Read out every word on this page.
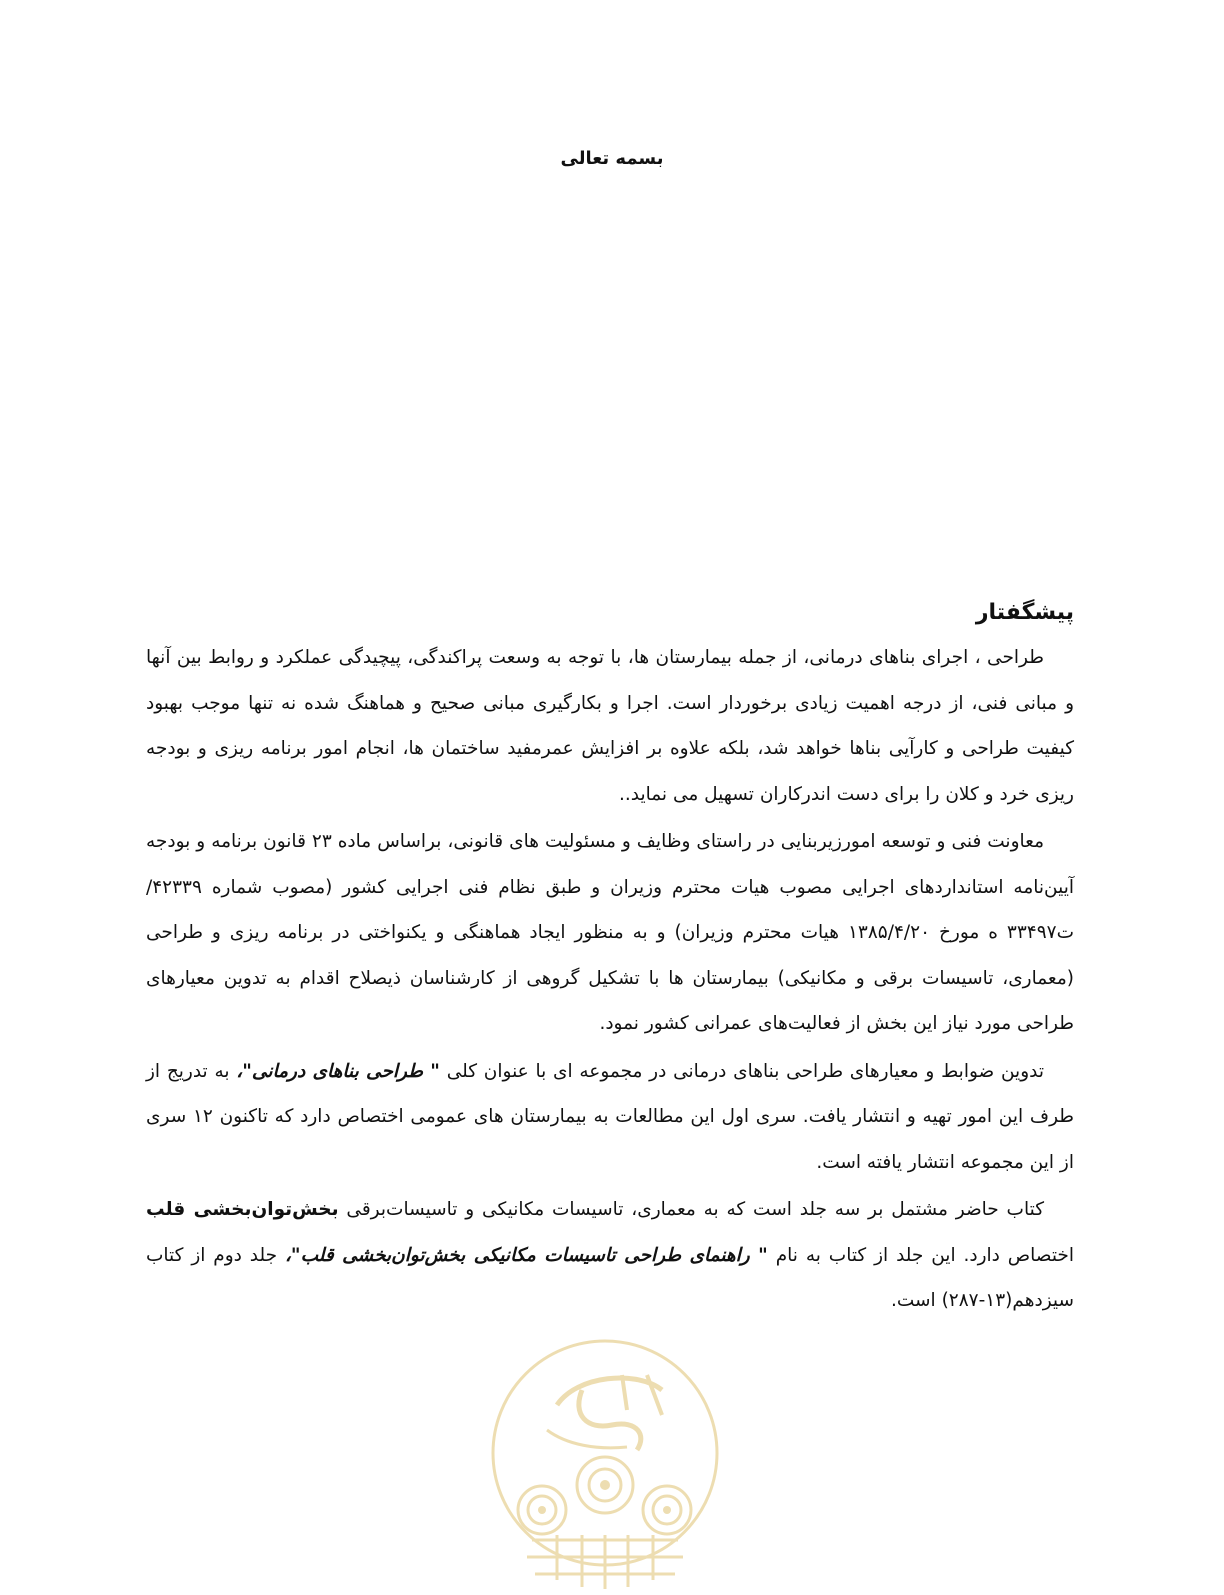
بسمه تعالی
پیشگفتار

طراحی ، اجرای بناهای درمانی، از جمله بیمارستان ها، با توجه به وسعت پراکندگی، پیچیدگی عملکرد و روابط بین آنها و مبانی فنی، از درجه اهمیت زیادی برخوردار است. اجرا و بکارگیری مبانی صحیح و هماهنگ شده نه تنها موجب بهبود کیفیت طراحی و کارآیی بناها خواهد شد، بلکه علاوه بر افزایش عمرمفید ساختمان ها، انجام امور برنامه ریزی و بودجه ریزی خرد و کلان را برای دست اندرکاران تسهیل می نماید..

معاونت فنی و توسعه امورزیربنایی در راستای وظایف و مسئولیت های قانونی، براساس ماده ۲۳ قانون برنامه و بودجه آیین‌نامه استانداردهای اجرایی مصوب هیات محترم وزیران و طبق نظام فنی اجرایی کشور (مصوب شماره ۴۲۳۳۹/ت۳۳۴۹۷ ه مورخ ۱۳۸۵/۴/۲۰ هیات محترم وزیران) و به منظور ایجاد هماهنگی و یکنواختی در برنامه ریزی و طراحی (معماری، تاسیسات برقی و مکانیکی) بیمارستان ها با تشکیل گروهی از کارشناسان ذیصلاح اقدام به تدوین معیارهای طراحی مورد نیاز این بخش از فعالیت‌های عمرانی کشور نمود.

تدوین ضوابط و معیارهای طراحی بناهای درمانی در مجموعه ای با عنوان کلی " طراحی بناهای درمانی"، به تدریج از طرف این امور تهیه و انتشار یافت. سری اول این مطالعات به بیمارستان های عمومی اختصاص دارد که تاکنون ۱۲ سری از این مجموعه انتشار یافته است.

کتاب حاضر مشتمل بر سه جلد است که به معماری، تاسیسات مکانیکی و تاسیسات‌برقی بخش‌توان‌بخشی قلب اختصاص دارد. این جلد از کتاب به نام " راهنمای طراحی تاسیسات مکانیکی بخش‌توان‌بخشی قلب"، جلد دوم از کتاب سیزدهم(۱۳-۲۸۷) است.
